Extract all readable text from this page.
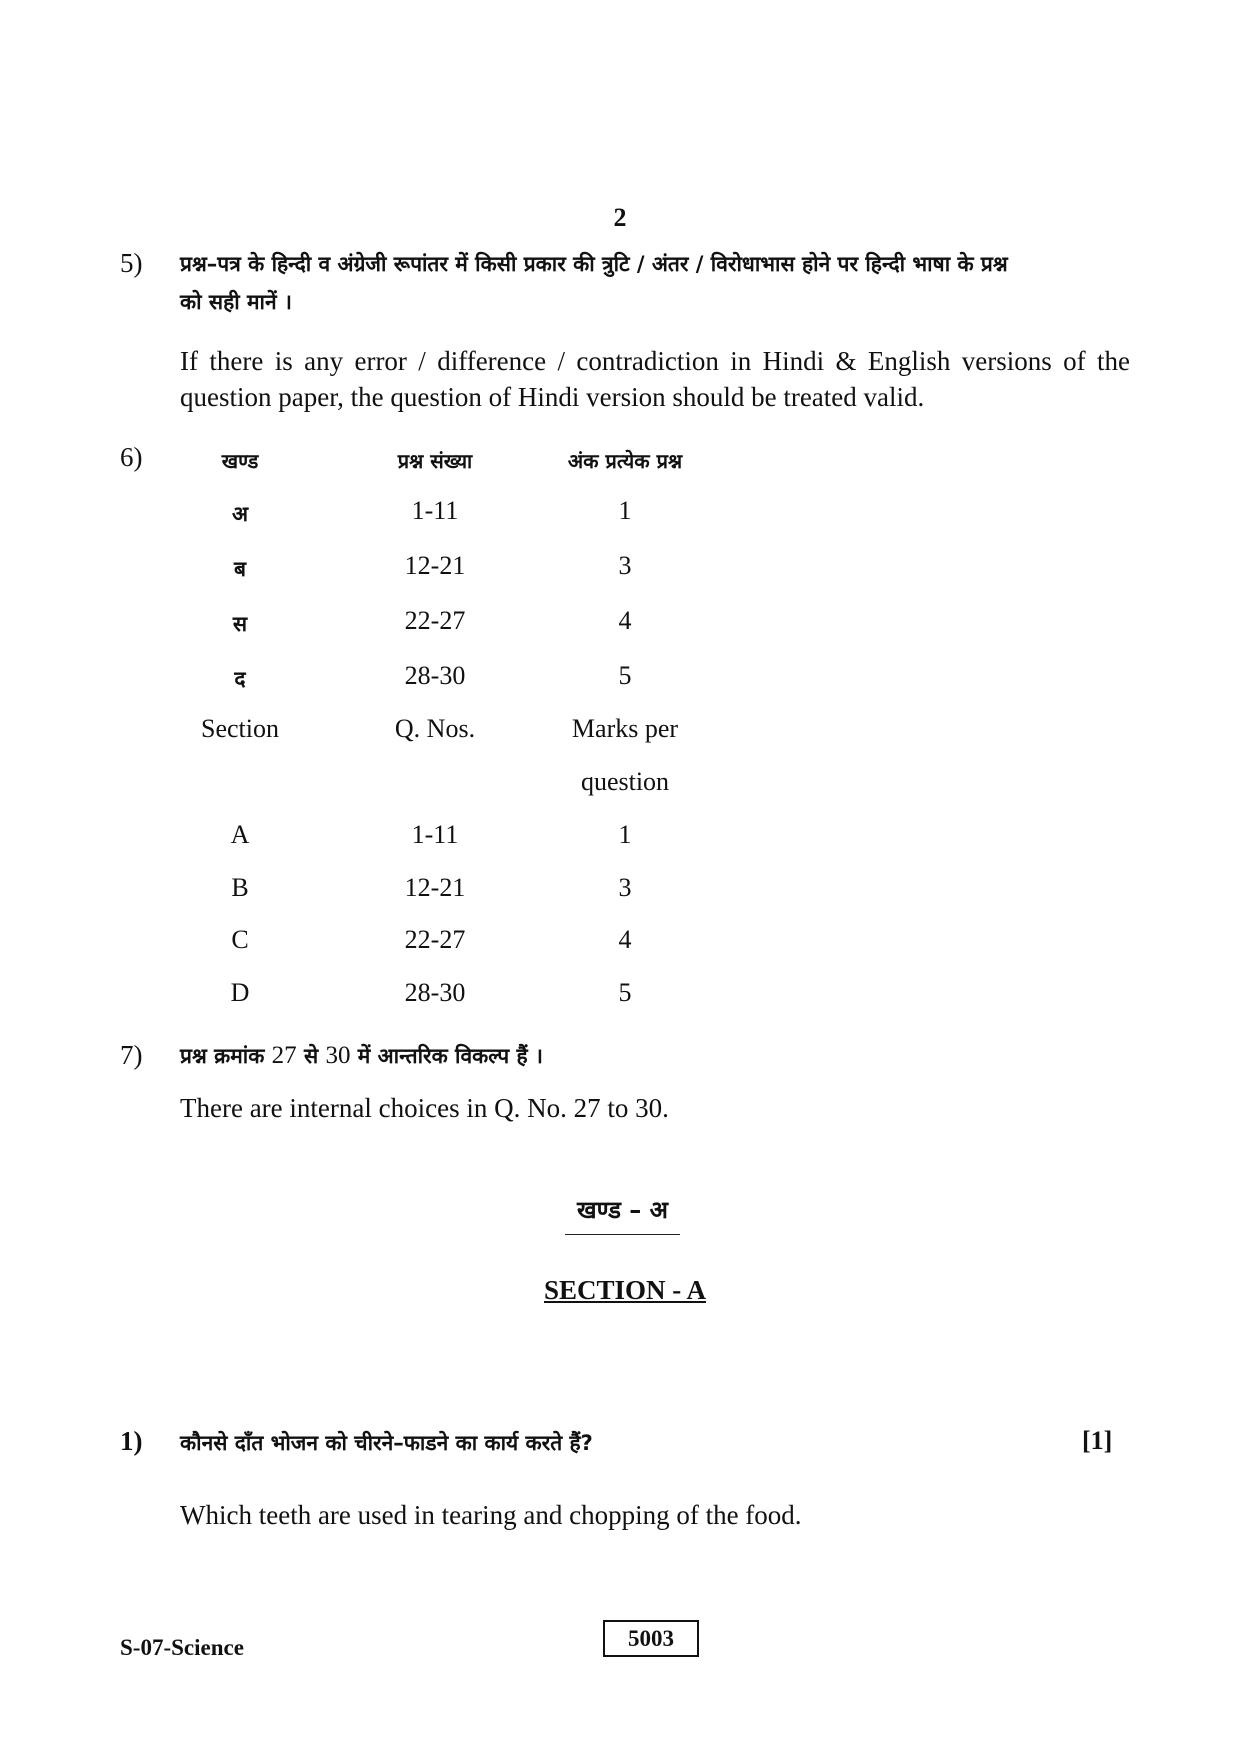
2
5) प्रश्न–पत्र के हिन्दी व अंग्रेजी रूपांतर में किसी प्रकार की त्रुटि / अंतर / विरोधाभास होने पर हिन्दी भाषा के प्रश्न
को सही मानें ।
If there is any error / difference / contradiction in Hindi & English versions of the question paper, the question of Hindi version should be treated valid.
6)	खण्ड	प्रश्न संख्या	अंक प्रत्येक प्रश्न
अ	1-11	1
ब	12-21	3
स	22-27	4
द	28-30	5
Section	Q. Nos.	Marks per
question
A	1-11	1
B	12-21	3
C	22-27	4
D	28-30	5
7) प्रश्न क्रमांक 27 से 30 में आन्तरिक विकल्प हैं ।
There are internal choices in Q. No. 27 to 30.
खण्ड – अ
SECTION - A
1) कौनसे दाँत भोजन को चीरने–फाडने का कार्य करते हैं?	[1]
Which teeth are used in tearing and chopping of the food.
S-07-Science	5003
